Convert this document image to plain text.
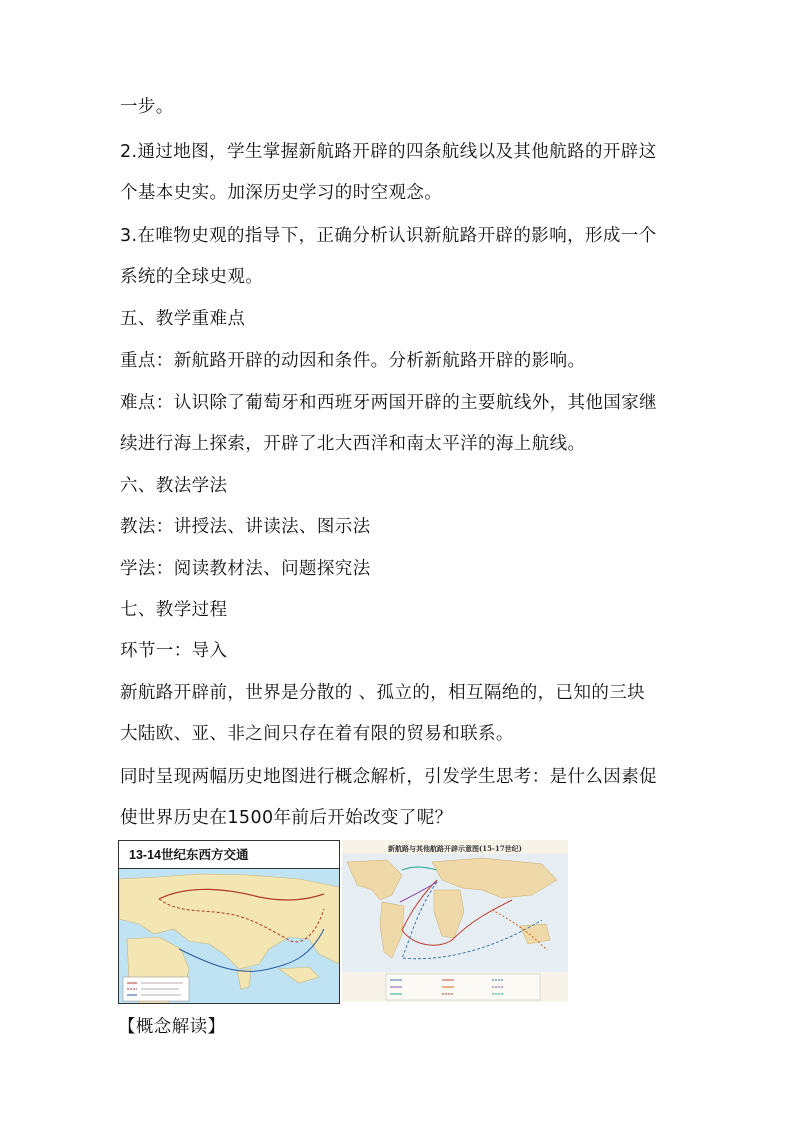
一步。
2.通过地图，学生掌握新航路开辟的四条航线以及其他航路的开辟这
个基本史实。加深历史学习的时空观念。
3.在唯物史观的指导下，正确分析认识新航路开辟的影响，形成一个
系统的全球史观。
五、教学重难点
重点：新航路开辟的动因和条件。分析新航路开辟的影响。
难点：认识除了葡萄牙和西班牙两国开辟的主要航线外，其他国家继
续进行海上探索，开辟了北大西洋和南太平洋的海上航线。
六、教法学法
教法：讲授法、讲读法、图示法
学法：阅读教材法、问题探究法
七、教学过程
环节一：导入
新航路开辟前，世界是分散的 、孤立的，相互隔绝的，已知的三块
大陆欧、亚、非之间只存在着有限的贸易和联系。
同时呈现两幅历史地图进行概念解析，引发学生思考：是什么因素促
使世界历史在1500年前后开始改变了呢？
13-14世纪东西方交通	新航路与其他航路开辟示意图(15-17世纪)
【概念解读】
